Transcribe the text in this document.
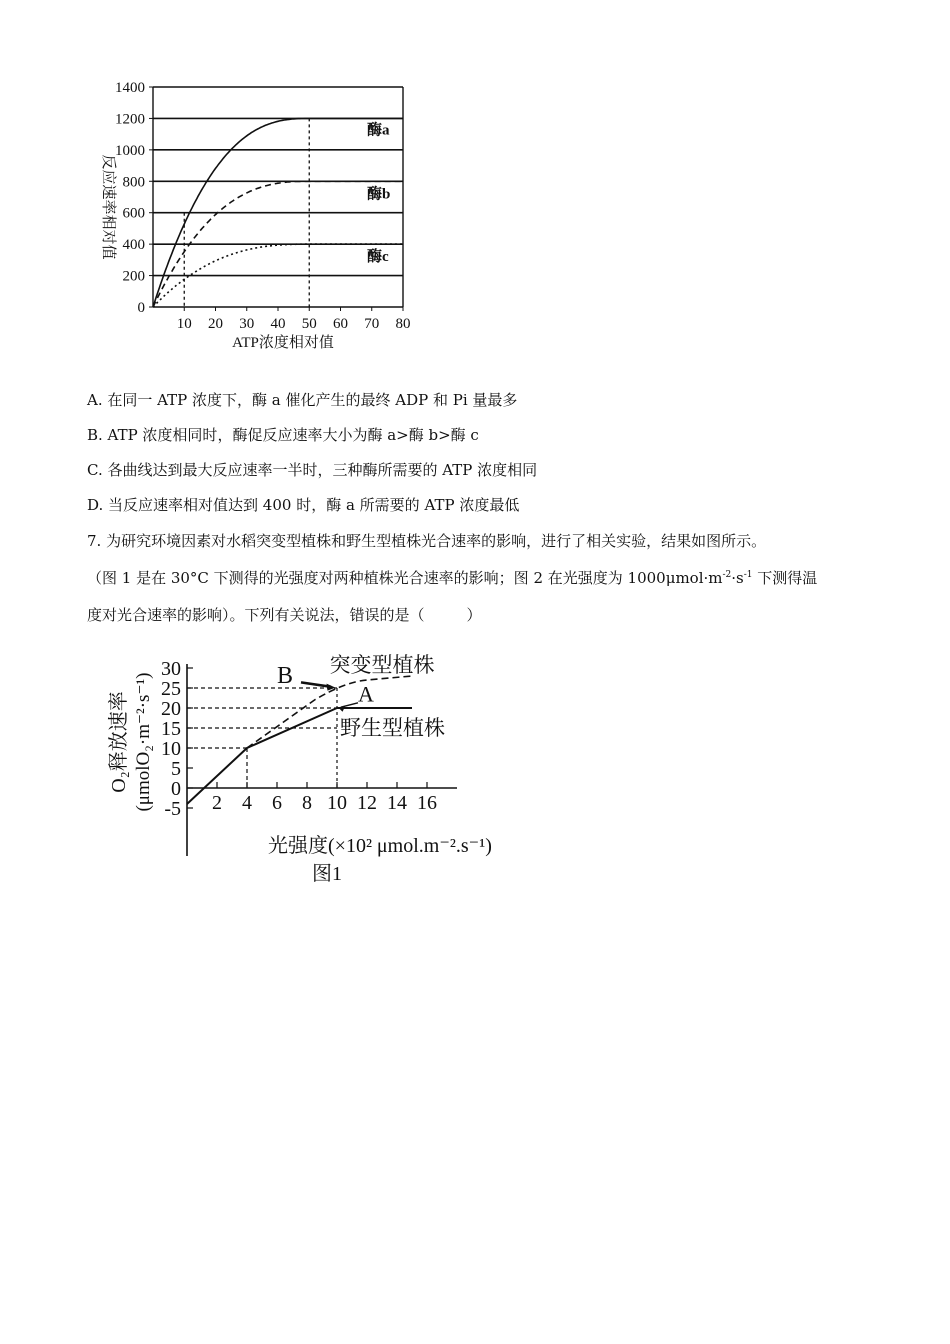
0
200
400
600
800
1000
1200
1400
10 20 30 40 50 60 70 80
ATP浓度相对值
反应速率相对值
酶a
酶b
酶c
A. 在同一 ATP 浓度下，酶 a 催化产生的最终 ADP 和 Pi 量最多
B. ATP 浓度相同时，酶促反应速率大小为酶 a>酶 b>酶 c
C. 各曲线达到最大反应速率一半时，三种酶所需要的 ATP 浓度相同
D. 当反应速率相对值达到 400 时，酶 a 所需要的 ATP 浓度最低
7. 为研究环境因素对水稻突变型植株和野生型植株光合速率的影响，进行了相关实验，结果如图所示。
（图 1 是在 30°C 下测得的光强度对两种植株光合速率的影响；图 2 在光强度为 $1000\mu mol\cdot m^{-2}\cdot s^{-1}$ 下测得温
度对光合速率的影响）。下列有关说法，错误的是（	）
-5
0
5
10
15
20
25
30
2 4 6 8 10 12 14 16
突变型植株
野生型植株
A
B
O₂释放速率 (μmolO₂·m⁻²·s⁻¹)
光强度(×10² μmol.m⁻².s⁻¹)
图1
